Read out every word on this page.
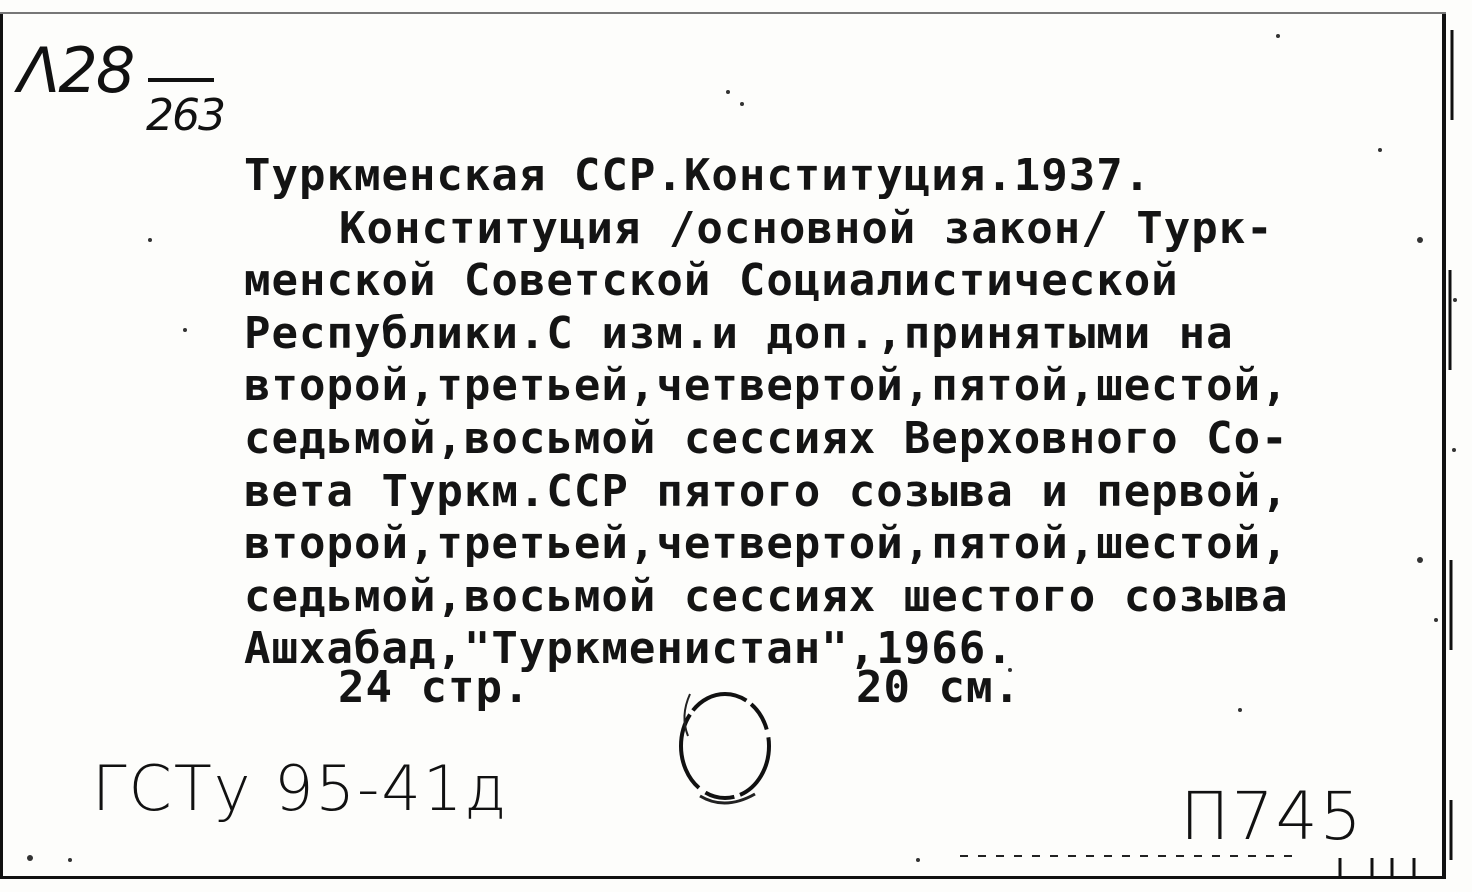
Λ28
263
Туркменская ССР.Конституция.1937.
Конституция /основной закон/ Турк-
менской Советской Социалистической
Республики.С изм.и доп.,принятыми на
второй,третьей,четвертой,пятой,шестой,
седьмой,восьмой сессиях Верховного Со-
вета Туркм.ССР пятого созыва и первой,
второй,третьей,четвертой,пятой,шестой,
седьмой,восьмой сессиях шестого созыва
Ашхабад,"Туркменистан",1966.
24 стр.	20 см.
ГСТу 95-41д	П745
